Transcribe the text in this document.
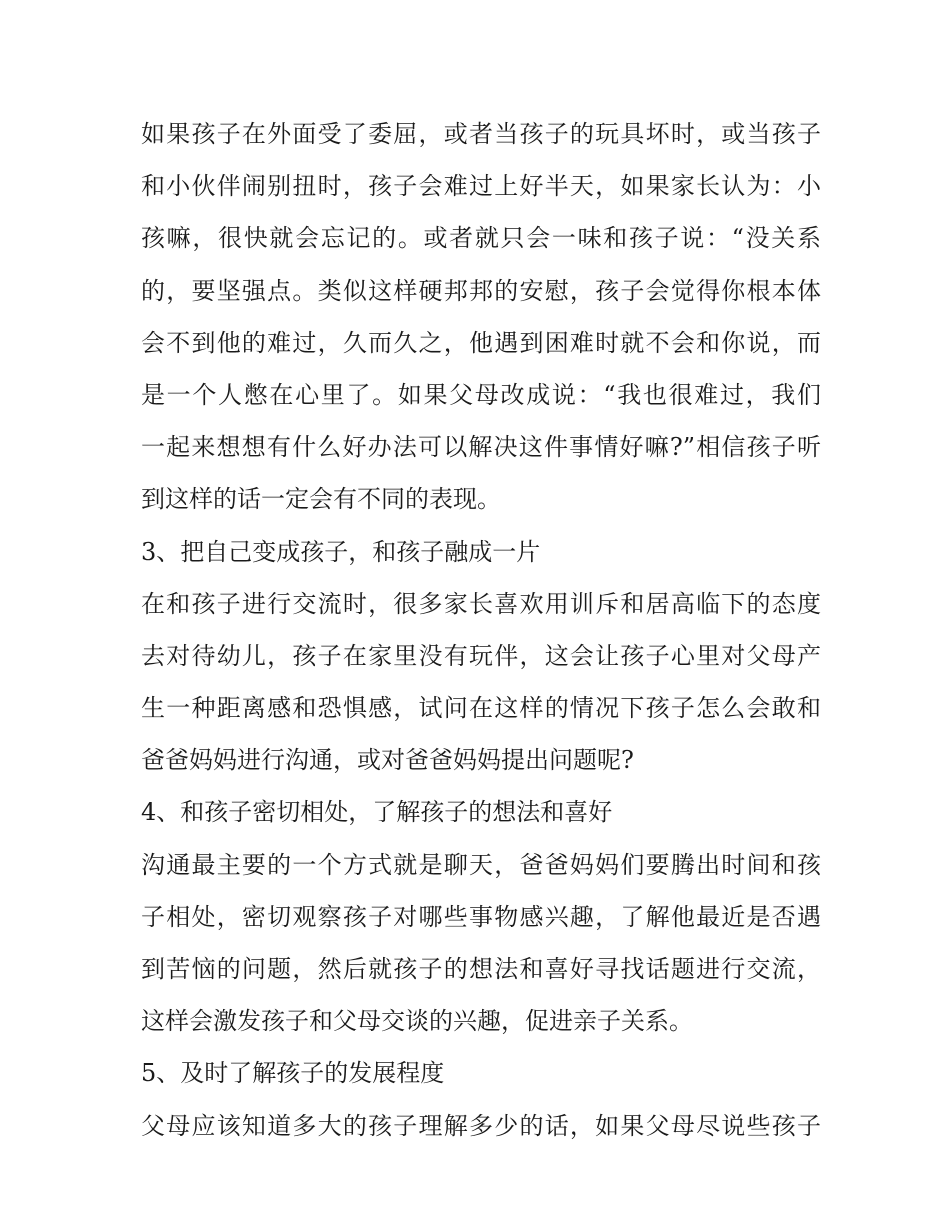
如果孩子在外面受了委屈，或者当孩子的玩具坏时，或当孩子
和小伙伴闹别扭时，孩子会难过上好半天，如果家长认为：小
孩嘛，很快就会忘记的。或者就只会一味和孩子说：“没关系
的，要坚强点。类似这样硬邦邦的安慰，孩子会觉得你根本体
会不到他的难过，久而久之，他遇到困难时就不会和你说，而
是一个人憋在心里了。如果父母改成说：“我也很难过，我们
一起来想想有什么好办法可以解决这件事情好嘛?”相信孩子听
到这样的话一定会有不同的表现。
3、把自己变成孩子，和孩子融成一片
在和孩子进行交流时，很多家长喜欢用训斥和居高临下的态度
去对待幼儿，孩子在家里没有玩伴，这会让孩子心里对父母产
生一种距离感和恐惧感，试问在这样的情况下孩子怎么会敢和
爸爸妈妈进行沟通，或对爸爸妈妈提出问题呢?
4、和孩子密切相处，了解孩子的想法和喜好
沟通最主要的一个方式就是聊天，爸爸妈妈们要腾出时间和孩
子相处，密切观察孩子对哪些事物感兴趣，了解他最近是否遇
到苦恼的问题，然后就孩子的想法和喜好寻找话题进行交流，
这样会激发孩子和父母交谈的兴趣，促进亲子关系。
5、及时了解孩子的发展程度
父母应该知道多大的孩子理解多少的话，如果父母尽说些孩子
